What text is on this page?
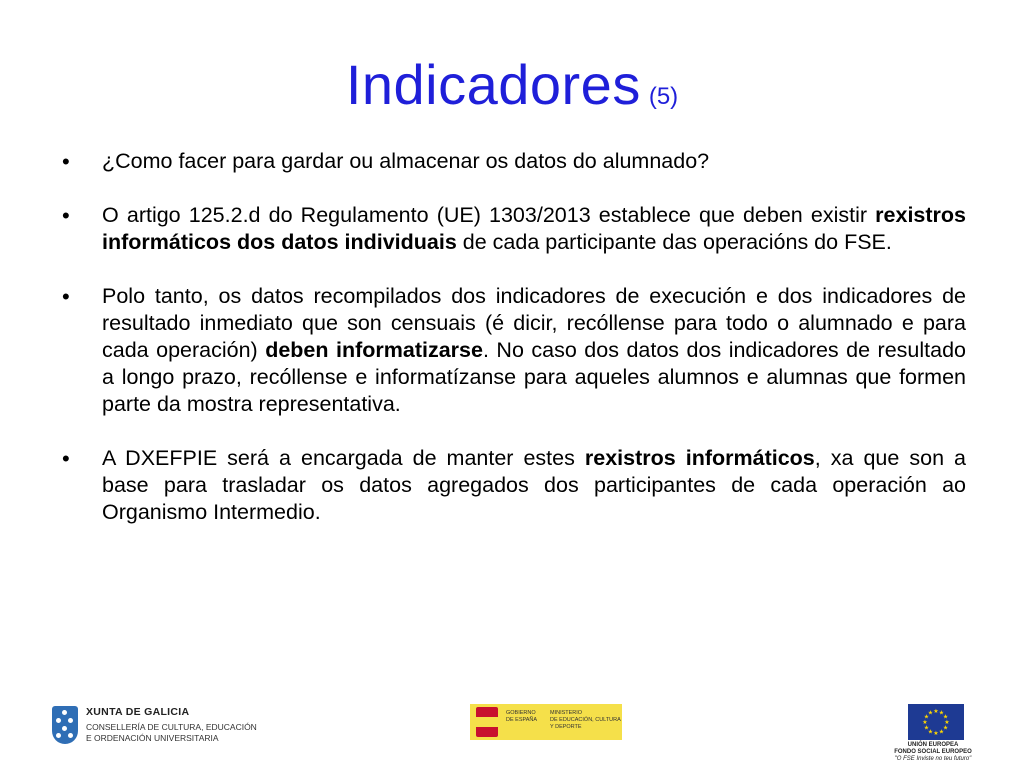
Indicadores (5)
• ¿Como facer para gardar ou almacenar os datos do alumnado?
• O artigo 125.2.d do Regulamento (UE) 1303/2013 establece que deben existir rexistros informáticos dos datos individuais de cada participante das operacións do FSE.
• Polo tanto, os datos recompilados dos indicadores de execución e dos indicadores de resultado inmediato que son censuais (é dicir, recóllense para todo o alumnado e para cada operación) deben informatizarse. No caso dos datos dos indicadores de resultado a longo prazo, recóllense e informatízanse para aqueles alumnos e alumnas que formen parte da mostra representativa.
• A DXEFPIE será a encargada de manter estes rexistros informáticos, xa que son a base para trasladar os datos agregados dos participantes de cada operación ao Organismo Intermedio.
XUNTA DE GALICIA
CONSELLERÍA DE CULTURA, EDUCACIÓN
E ORDENACIÓN UNIVERSITARIA
GOBIERNO
DE ESPAÑA
MINISTERIO
DE EDUCACIÓN, CULTURA
Y DEPORTE
★
★
★
★
★
★
★
★
★ ★ ★
★
UNIÓN EUROPEA
FONDO SOCIAL EUROPEO
"O FSE Inviste no teu futuro"
